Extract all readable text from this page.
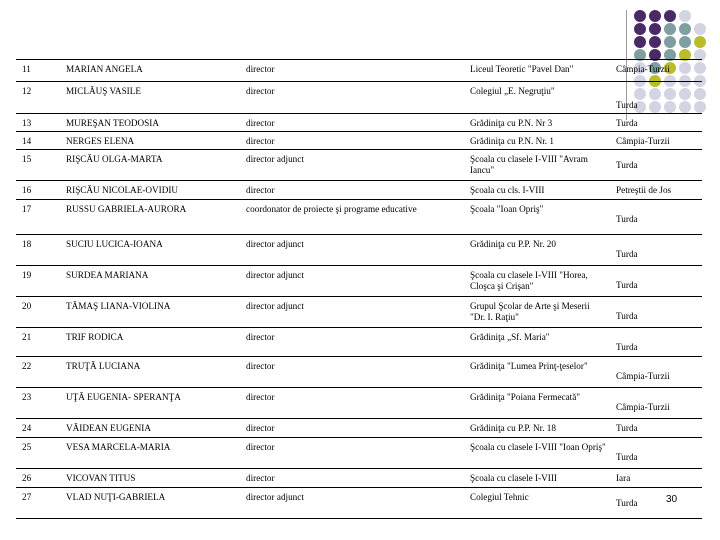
11	MARIAN ANGELA	director	Liceul Teoretic "Pavel Dan"	Câmpia-Turzii
12	MICLĂUŞ VASILE	director	Colegiul „E. Negruţiu"	Turda
13	MUREŞAN TEODOSIA	director	Grădiniţa cu P.N. Nr 3	Turda
14	NERGES ELENA	director	Grădiniţa cu P.N. Nr. 1	Câmpia-Turzii
15	RIŞCĂU OLGA-MARTA	director adjunct	Şcoala cu clasele I-VIII "Avram Iancu"	Turda
16	RIŞCĂU NICOLAE-OVIDIU	director	Şcoala cu cls. I-VIII	Petreştii de Jos
17	RUSSU GABRIELA-AURORA	coordonator de proiecte şi programe educative	Şcoala "Ioan Opriş"	Turda
18	SUCIU LUCICA-IOANA	director adjunct	Grădiniţa cu P.P. Nr. 20	Turda
19	SURDEA MARIANA	director adjunct	Şcoala cu clasele I-VIII "Horea, Cloşca şi Crişan"	Turda
20	TĂMAŞ LIANA-VIOLINA	director adjunct	Grupul Şcolar de Arte şi Meserii "Dr. I. Raţiu"	Turda
21	TRIF RODICA	director	Grădiniţa „Sf. Maria"	Turda
22	TRUŢĂ LUCIANA	director	Grădiniţa "Lumea Prinţ-ţeselor"	Câmpia-Turzii
23	UŢĂ EUGENIA- SPERANŢA	director	Grădiniţa "Poiana Fermecată"	Câmpia-Turzii
24	VĂIDEAN EUGENIA	director	Grădiniţa cu P.P. Nr. 18	Turda
25	VESA MARCELA-MARIA	director	Şcoala cu clasele I-VIII "Ioan Opriş"	Turda
26	VICOVAN TITUS	director	Şcoala cu clasele I-VIII	Iara
27	VLAD NUŢI-GABRIELA	director adjunct	Colegiul Tehnic	Turda	30
